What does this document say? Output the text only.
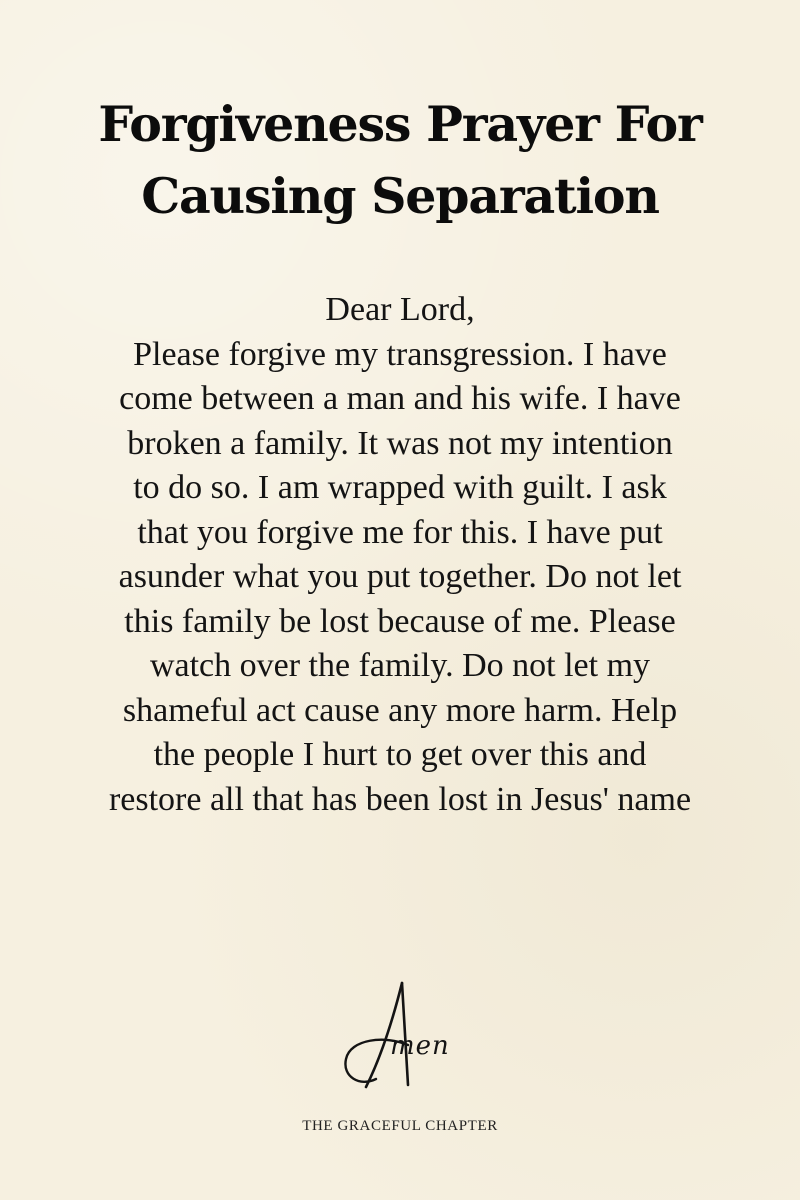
Forgiveness Prayer For
Causing Separation
Dear Lord,
Please forgive my transgression. I have
come between a man and his wife. I have
broken a family. It was not my intention
to do so. I am wrapped with guilt. I ask
that you forgive me for this. I have put
asunder what you put together. Do not let
this family be lost because of me. Please
watch over the family. Do not let my
shameful act cause any more harm. Help
the people I hurt to get over this and
restore all that has been lost in Jesus' name
men
THE GRACEFUL CHAPTER
